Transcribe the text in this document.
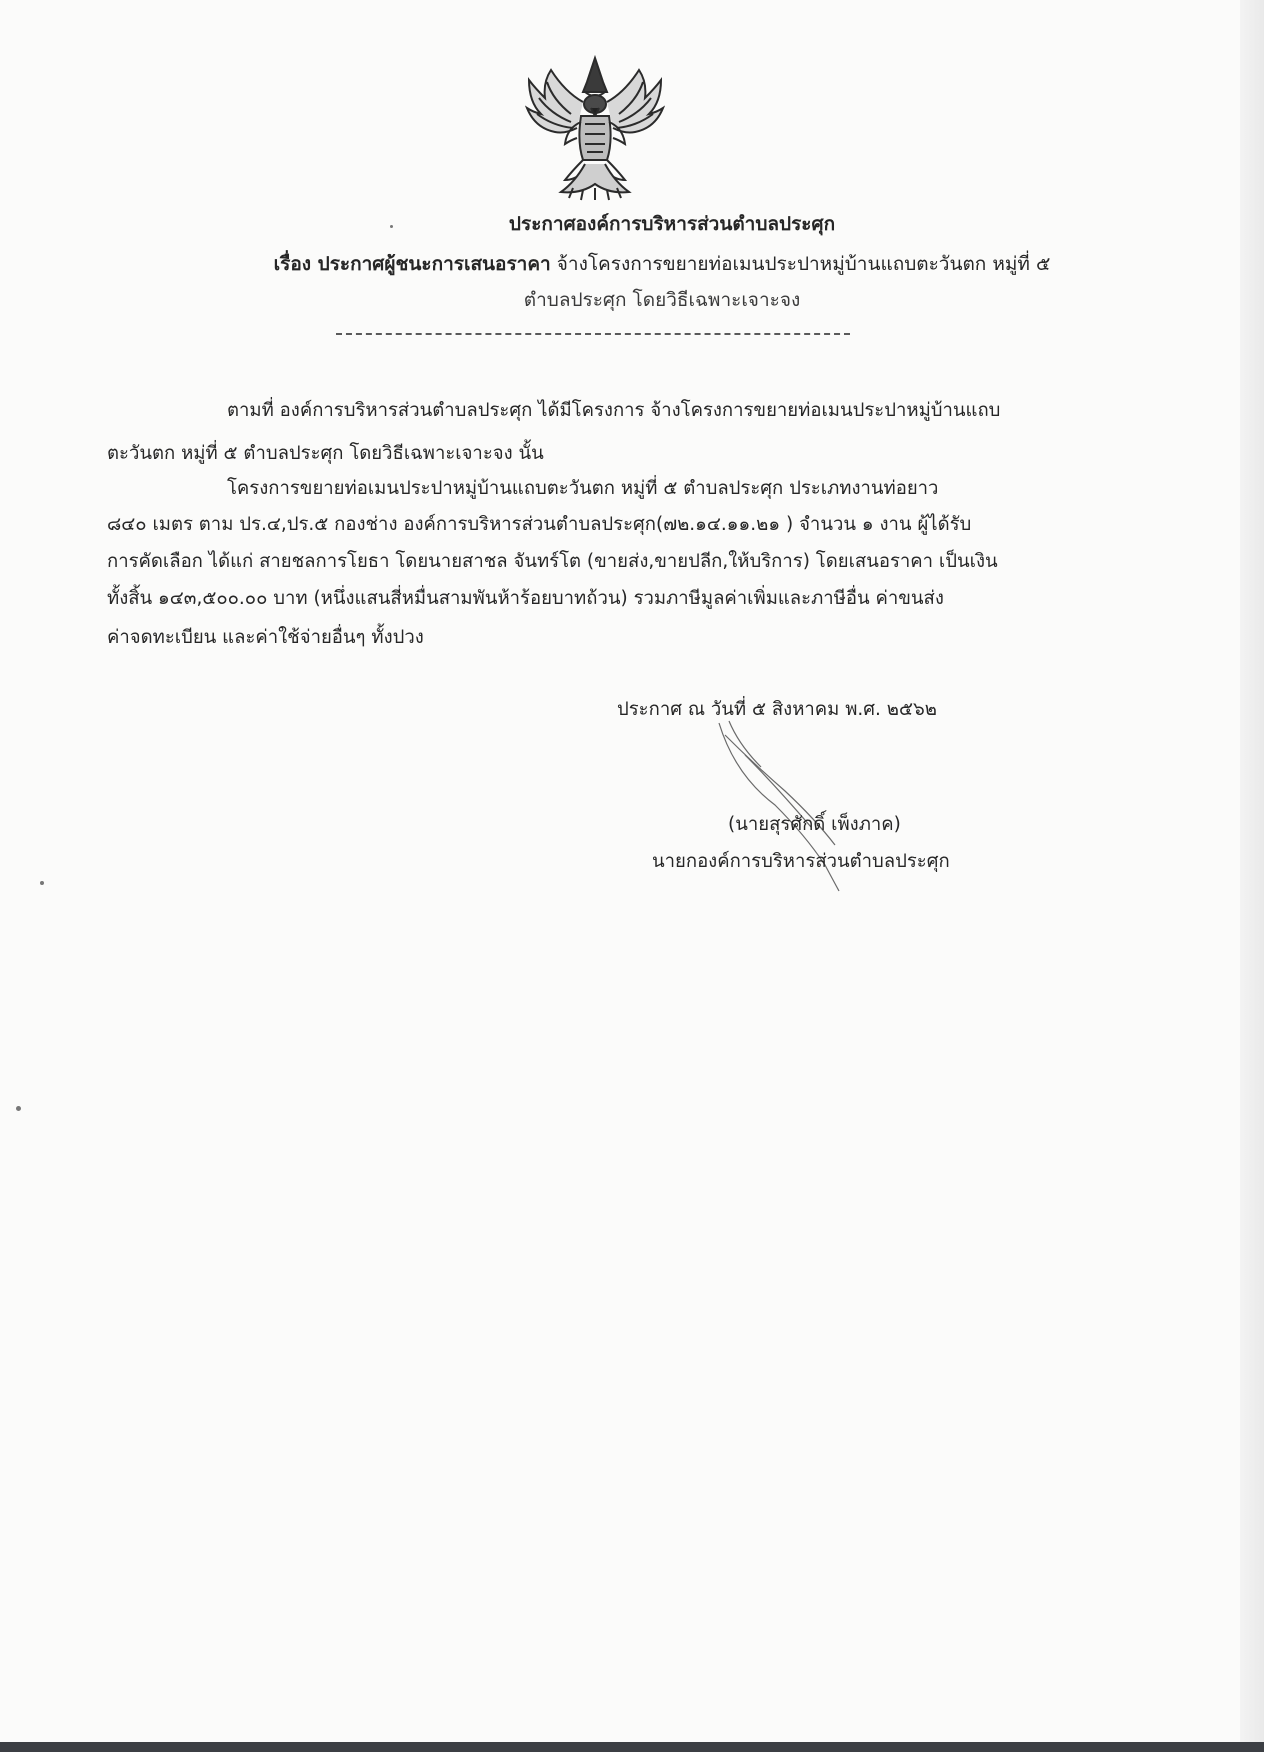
ประกาศองค์การบริหารส่วนตำบลประศุก
เรื่อง ประกาศผู้ชนะการเสนอราคา จ้างโครงการขยายท่อเมนประปาหมู่บ้านแถบตะวันตก หมู่ที่ ๕
ตำบลประศุก โดยวิธีเฉพาะเจาะจง
ตามที่ องค์การบริหารส่วนตำบลประศุก ได้มีโครงการ จ้างโครงการขยายท่อเมนประปาหมู่บ้านแถบ
ตะวันตก หมู่ที่ ๕ ตำบลประศุก โดยวิธีเฉพาะเจาะจง นั้น
โครงการขยายท่อเมนประปาหมู่บ้านแถบตะวันตก หมู่ที่ ๕ ตำบลประศุก ประเภทงานท่อยาว
๘๔๐ เมตร ตาม ปร.๔,ปร.๕ กองช่าง องค์การบริหารส่วนตำบลประศุก(๗๒.๑๔.๑๑.๒๑ ) จำนวน ๑ งาน ผู้ได้รับ
การคัดเลือก ได้แก่ สายชลการโยธา โดยนายสาชล จันทร์โต (ขายส่ง,ขายปลีก,ให้บริการ) โดยเสนอราคา เป็นเงิน
ทั้งสิ้น ๑๔๓,๕๐๐.๐๐ บาท (หนึ่งแสนสี่หมื่นสามพันห้าร้อยบาทถ้วน) รวมภาษีมูลค่าเพิ่มและภาษีอื่น ค่าขนส่ง
ค่าจดทะเบียน และค่าใช้จ่ายอื่นๆ ทั้งปวง
ประกาศ ณ วันที่ ๕ สิงหาคม พ.ศ. ๒๕๖๒
(นายสุรศักดิ์ เพ็งภาค)
นายกองค์การบริหารส่วนตำบลประศุก
